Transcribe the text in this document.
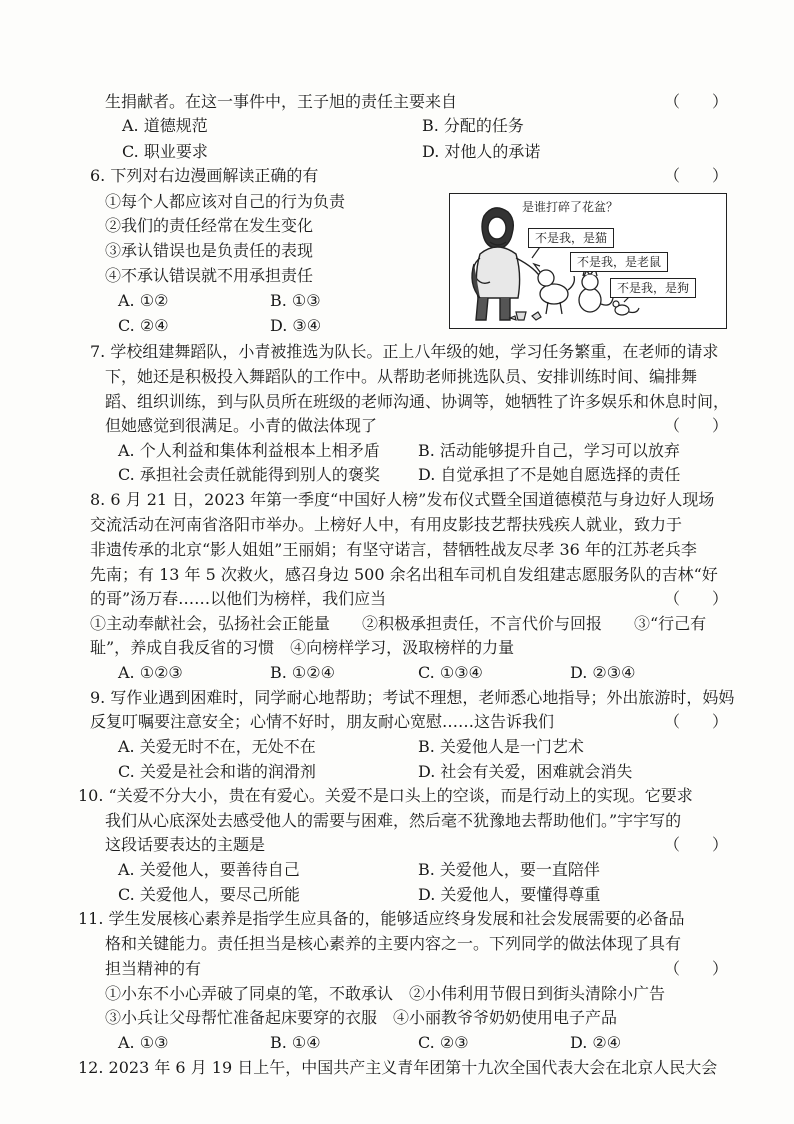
生捐献者。在这一事件中，王子旭的责任主要来自	（　　）
A. 道德规范	B. 分配的任务
C. 职业要求	D. 对他人的承诺
6. 下列对右边漫画解读正确的有	（　　）
①每个人都应该对自己的行为负责
②我们的责任经常在发生变化
③承认错误也是负责任的表现
④不承认错误就不用承担责任
A. ①②	B. ①③
C. ②④	D. ③④
是谁打碎了花盆？
不是我，是猫
不是我，是老鼠
不是我，是狗
7. 学校组建舞蹈队，小青被推选为队长。正上八年级的她，学习任务繁重，在老师的请求
下，她还是积极投入舞蹈队的工作中。从帮助老师挑选队员、安排训练时间、编排舞
蹈、组织训练，到与队员所在班级的老师沟通、协调等，她牺牲了许多娱乐和休息时间，
但她感觉到很满足。小青的做法体现了	（　　）
A. 个人利益和集体利益根本上相矛盾 B. 活动能够提升自己，学习可以放弃
C. 承担社会责任就能得到别人的褒奖 D. 自觉承担了不是她自愿选择的责任
8. 6 月 21 日，2023 年第一季度“中国好人榜”发布仪式暨全国道德模范与身边好人现场
交流活动在河南省洛阳市举办。上榜好人中，有用皮影技艺帮扶残疾人就业，致力于
非遗传承的北京“影人姐姐”王丽娟；有坚守诺言，替牺牲战友尽孝 36 年的江苏老兵李
先南；有 13 年 5 次救火，感召身边 500 余名出租车司机自发组建志愿服务队的吉林“好
的哥”汤万春……以他们为榜样，我们应当	（　　）
①主动奉献社会，弘扬社会正能量　　②积极承担责任，不言代价与回报　　③“行己有
耻”，养成自我反省的习惯　④向榜样学习，汲取榜样的力量
A. ①②③	B. ①②④	C. ①③④	D. ②③④
9. 写作业遇到困难时，同学耐心地帮助；考试不理想，老师悉心地指导；外出旅游时，妈妈
反复叮嘱要注意安全；心情不好时，朋友耐心宽慰……这告诉我们	（　　）
A. 关爱无时不在，无处不在	B. 关爱他人是一门艺术
C. 关爱是社会和谐的润滑剂	D. 社会有关爱，困难就会消失
10. “关爱不分大小，贵在有爱心。关爱不是口头上的空谈，而是行动上的实现。它要求
我们从心底深处去感受他人的需要与困难，然后毫不犹豫地去帮助他们。”宇宇写的
这段话要表达的主题是	（　　）
A. 关爱他人，要善待自己	B. 关爱他人，要一直陪伴
C. 关爱他人，要尽己所能	D. 关爱他人，要懂得尊重
11. 学生发展核心素养是指学生应具备的，能够适应终身发展和社会发展需要的必备品
格和关键能力。责任担当是核心素养的主要内容之一。下列同学的做法体现了具有
担当精神的有	（　　）
①小东不小心弄破了同桌的笔，不敢承认　②小伟利用节假日到街头清除小广告
③小兵让父母帮忙准备起床要穿的衣服　④小丽教爷爷奶奶使用电子产品
A. ①③	B. ①④	C. ②③	D. ②④
12. 2023 年 6 月 19 日上午，中国共产主义青年团第十九次全国代表大会在北京人民大会
